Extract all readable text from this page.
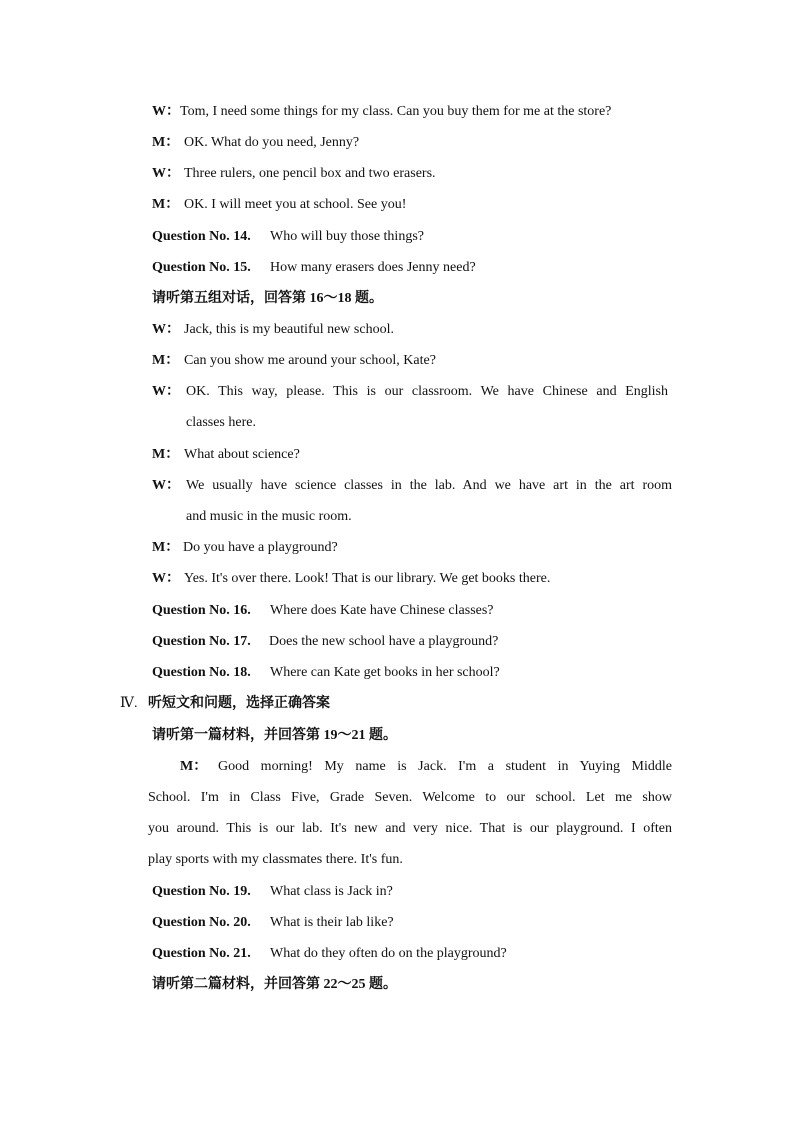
W： Tom, I need some things for my class. Can you buy them for me at the store?
M： OK. What do you need, Jenny?
W： Three rulers, one pencil box and two erasers.
M： OK. I will meet you at school. See you!
Question No. 14. Who will buy those things?
Question No. 15. How many erasers does Jenny need?
请听第五组对话，回答第 16～18 题。
W： Jack, this is my beautiful new school.
M： Can you show me around your school, Kate?
W： OK. This way, please. This is our classroom. We have Chinese and English
classes here.
M： What about science?
W： We usually have science classes in the lab. And we have art in the art room
and music in the music room.
M： Do you have a playground?
W： Yes. It's over there. Look! That is our library. We get books there.
Question No. 16. Where does Kate have Chinese classes?
Question No. 17. Does the new school have a playground?
Question No. 18. Where can Kate get books in her school?
Ⅳ. 听短文和问题，选择正确答案
请听第一篇材料，并回答第 19～21 题。
M： Good morning! My name is Jack. I'm a student in Yuying Middle
School. I'm in Class Five, Grade Seven. Welcome to our school. Let me show
you around. This is our lab. It's new and very nice. That is our playground. I often
play sports with my classmates there. It's fun.
Question No. 19. What class is Jack in?
Question No. 20. What is their lab like?
Question No. 21. What do they often do on the playground?
请听第二篇材料，并回答第 22～25 题。
